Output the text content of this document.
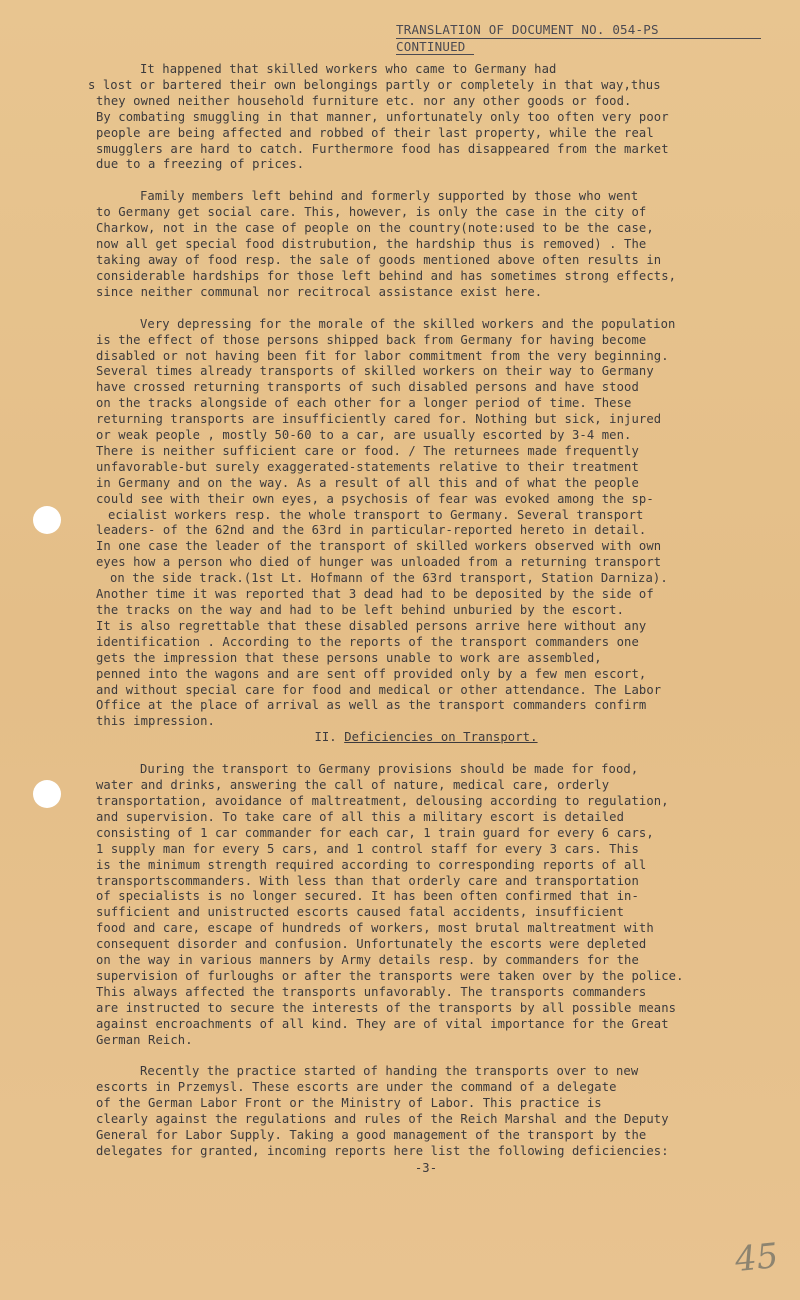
TRANSLATION OF DOCUMENT NO. 054-PS
CONTINUED
It happened that skilled workers who came to Germany had
s lost or bartered their own belongings partly or completely in that way,thus
they owned neither household furniture etc. nor any other goods or food.
By combating smuggling in that manner, unfortunately only too often very poor
people are being affected and robbed of their last property, while the real
smugglers are hard to catch. Furthermore food has disappeared from the market
due to a freezing of prices.
Family members left behind and formerly supported by those who went
to Germany get social care. This, however, is only the case in the city of
Charkow, not in the case of people on the country(note:used to be the case,
now all get special food distrubution, the hardship thus is removed) . The
taking away of food resp. the sale of goods mentioned above often results in
considerable hardships for those left behind and has sometimes strong effects,
since neither communal nor recitrocal assistance exist here.
Very depressing for the morale of the skilled workers and the population
is the effect of those persons shipped back from Germany for having become
disabled or not having been fit for labor commitment from the very beginning.
Several times already transports of skilled workers on their way to Germany
have crossed returning transports of such disabled persons and have stood
on the tracks alongside of each other for a longer period of time. These
returning transports are insufficiently cared for. Nothing but sick, injured
or weak people , mostly 50-60 to a car, are usually escorted by 3-4 men.
There is neither sufficient care or food. / The returnees made frequently
unfavorable-but surely exaggerated-statements relative to their treatment
in Germany and on the way. As a result of all this and of what the people
could see with their own eyes, a psychosis of fear was evoked among the sp-
ecialist workers resp. the whole transport to Germany. Several transport
leaders- of the 62nd and the 63rd in particular-reported hereto in detail.
In one case the leader of the transport of skilled workers observed with own
eyes how a person who died of hunger was unloaded from a returning transport
on the side track.(1st Lt. Hofmann of the 63rd transport, Station Darniza).
Another time it was reported that 3 dead had to be deposited by the side of
the tracks on the way and had to be left behind unburied by the escort.
It is also regrettable that these disabled persons arrive here without any
identification . According to the reports of the transport commanders one
gets the impression that these persons unable to work are assembled,
penned into the wagons and are sent off provided only by a few men escort,
and without special care for food and medical or other attendance. The Labor
Office at the place of arrival as well as the transport commanders confirm
this impression.
II. Deficiencies on Transport.
During the transport to Germany provisions should be made for food,
water and drinks, answering the call of nature, medical care, orderly
transportation, avoidance of maltreatment, delousing according to regulation,
and supervision. To take care of all this a military escort is detailed
consisting of 1 car commander for each car, 1 train guard for every 6 cars,
1 supply man for every 5 cars, and 1 control staff for every 3 cars. This
is the minimum strength required according to corresponding reports of all
transportscommanders. With less than that orderly care and transportation
of specialists is no longer secured. It has been often confirmed that in-
sufficient and unistructed escorts caused fatal accidents, insufficient
food and care, escape of hundreds of workers, most brutal maltreatment with
consequent disorder and confusion. Unfortunately the escorts were depleted
on the way in various manners by Army details resp. by commanders for the
supervision of furloughs or after the transports were taken over by the police.
This always affected the transports unfavorably. The transports commanders
are instructed to secure the interests of the transports by all possible means
against encroachments of all kind. They are of vital importance for the Great
German Reich.
Recently the practice started of handing the transports over to new
escorts in Przemysl. These escorts are under the command of a delegate
of the German Labor Front or the Ministry of Labor. This practice is
clearly against the regulations and rules of the Reich Marshal and the Deputy
General for Labor Supply. Taking a good management of the transport by the
delegates for granted, incoming reports here list the following deficiencies:
-3-
45
